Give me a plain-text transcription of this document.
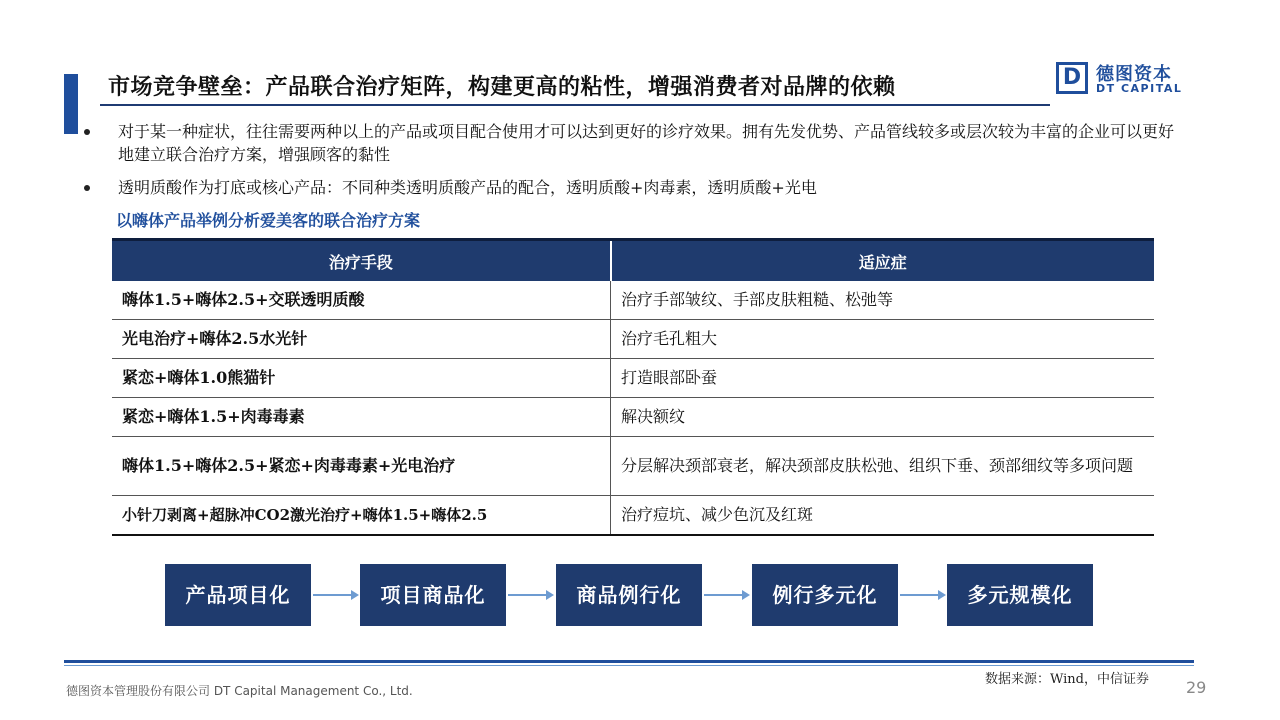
市场竞争壁垒：产品联合治疗矩阵，构建更高的粘性，增强消费者对品牌的依赖	D 德图资本
DT CAPITAL
对于某一种症状，往往需要两种以上的产品或项目配合使用才可以达到更好的诊疗效果。拥有先发优势、产品管线较多或层次较为丰富的企业可以更好地建立联合治疗方案，增强顾客的黏性
透明质酸作为打底或核心产品：不同种类透明质酸产品的配合，透明质酸+肉毒素，透明质酸+光电
以嗨体产品举例分析爱美客的联合治疗方案
治疗手段	适应症
嗨体1.5+嗨体2.5+交联透明质酸	治疗手部皱纹、手部皮肤粗糙、松弛等
光电治疗+嗨体2.5水光针	治疗毛孔粗大
紧恋+嗨体1.0熊猫针	打造眼部卧蚕
紧恋+嗨体1.5+肉毒毒素	解决额纹
嗨体1.5+嗨体2.5+紧恋+肉毒毒素+光电治疗	分层解决颈部衰老，解决颈部皮肤松弛、组织下垂、颈部细纹等多项问题
小针刀剥离+超脉冲CO2激光治疗+嗨体1.5+嗨体2.5	治疗痘坑、减少色沉及红斑
产品项目化	项目商品化	商品例行化	例行多元化	多元规模化
数据来源：Wind，中信证券
德图资本管理股份有限公司 DT Capital Management Co., Ltd.	29
